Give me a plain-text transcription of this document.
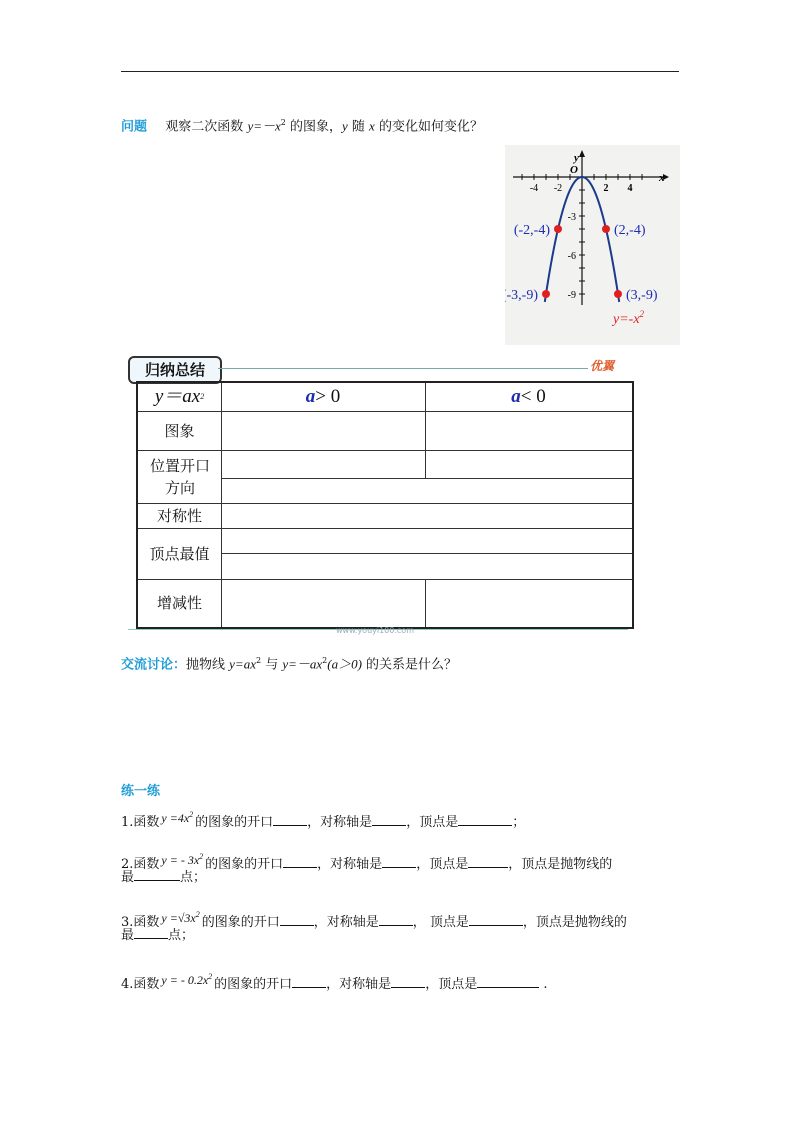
问题 观察二次函数 $y=-x^2$ 的图象，y 随 x 的变化如何变化？
-4 -2	2 4
-3
-6
-9
(-2,-4)	(2,-4)
(-3,-9)	(3,-9)
x
y
O
$y=-x^2$
归纳总结	优翼
y＝ax 2	a > 0	a < 0
图象
位置开口方向
对称性
顶点最值
增减性
www.youyi100.com
交流讨论：抛物线 $y=ax^2$ 与 $y=-ax^2(a>0)$ 的关系是什么？
练一练
1.函数 $y =4x^2$的图象的开口	，对称轴是	，顶点是	；
2.函数 y = - $3x^2$的图象的开口	，对称轴是	，顶点是	，顶点是抛物线的
最	点；
3.函数 $y =√3x^2$的图象的开口	，对称轴是	， 顶点是	，顶点是抛物线的
最	点；
4.函数 y = - $0.2x^2$的图象的开口	，对称轴是	，顶点是	.
